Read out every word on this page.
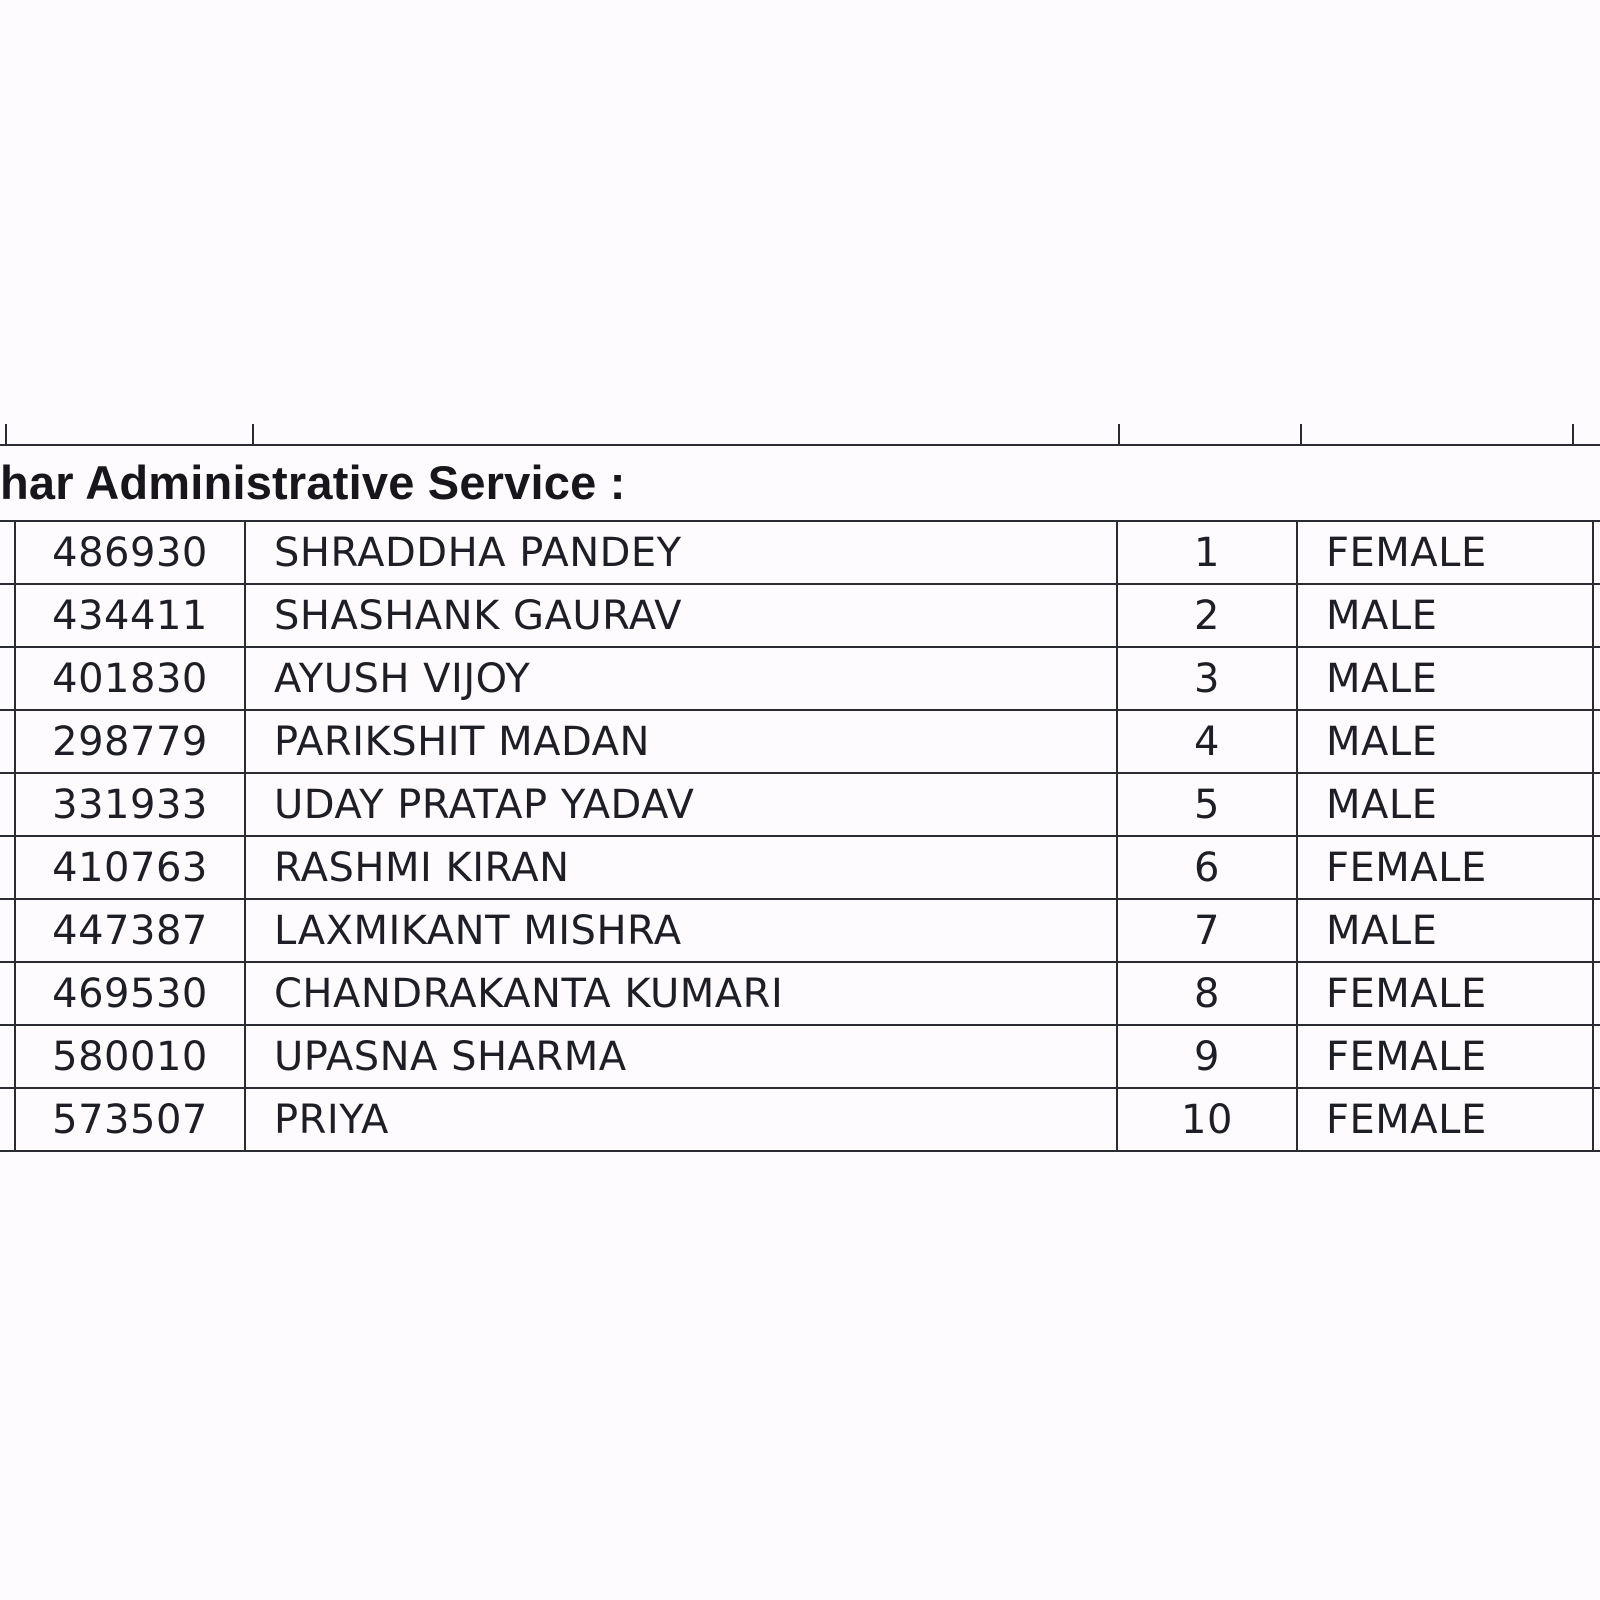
har Administrative Service :
	486930	SHRADDHA PANDEY	1	FEMALE	
	434411	SHASHANK GAURAV	2	MALE	
	401830	AYUSH VIJOY	3	MALE	
	298779	PARIKSHIT MADAN	4	MALE	
	331933	UDAY PRATAP YADAV	5	MALE	
	410763	RASHMI KIRAN	6	FEMALE	
	447387	LAXMIKANT MISHRA	7	MALE	
	469530	CHANDRAKANTA KUMARI	8	FEMALE	
	580010	UPASNA SHARMA	9	FEMALE	
	573507	PRIYA	10	FEMALE	
